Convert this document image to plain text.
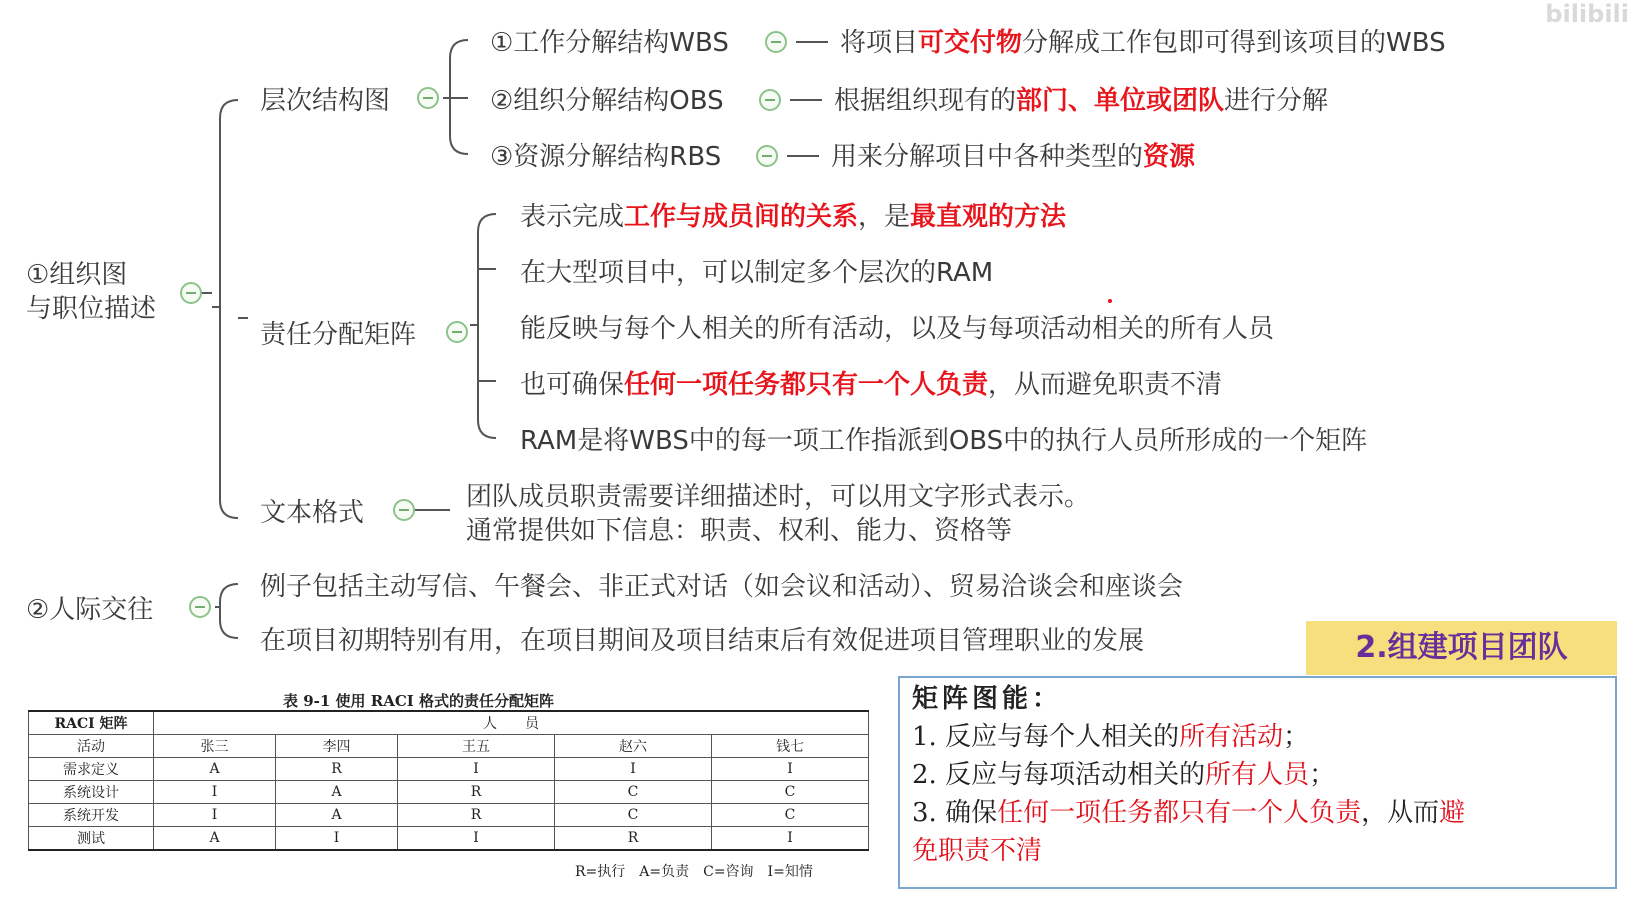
bilibili
①组织图
与职位描述
层次结构图
①工作分解结构WBS	将项目可交付物分解成工作包即可得到该项目的WBS
②组织分解结构OBS	根据组织现有的部门、单位或团队进行分解
③资源分解结构RBS	用来分解项目中各种类型的资源
责任分配矩阵
表示完成工作与成员间的关系，是最直观的方法
在大型项目中，可以制定多个层次的RAM
能反映与每个人相关的所有活动，以及与每项活动相关的所有人员
也可确保任何一项任务都只有一个人负责，从而避免职责不清
RAM是将WBS中的每一项工作指派到OBS中的执行人员所形成的一个矩阵
文本格式
团队成员职责需要详细描述时，可以用文字形式表示。
通常提供如下信息：职责、权利、能力、资格等
②人际交往
例子包括主动写信、午餐会、非正式对话（如会议和活动）、贸易洽谈会和座谈会
在项目初期特别有用，在项目期间及项目结束后有效促进项目管理职业的发展
表 9-1 使用 RACI 格式的责任分配矩阵
RACI 矩阵	人　　员				
活动	张三	李四	王五	赵六	钱七
需求定义	A	R	I	I	I
系统设计	I	A	R	C	C
系统开发	I	A	R	C	C
测试	A	I	I	R	I
R=执行　A=负责　C=咨询　I=知情
2.组建项目团队
矩阵图能：
1. 反应与每个人相关的所有活动；
2. 反应与每项活动相关的所有人员；
3. 确保任何一项任务都只有一个人负责，从而避
免职责不清
